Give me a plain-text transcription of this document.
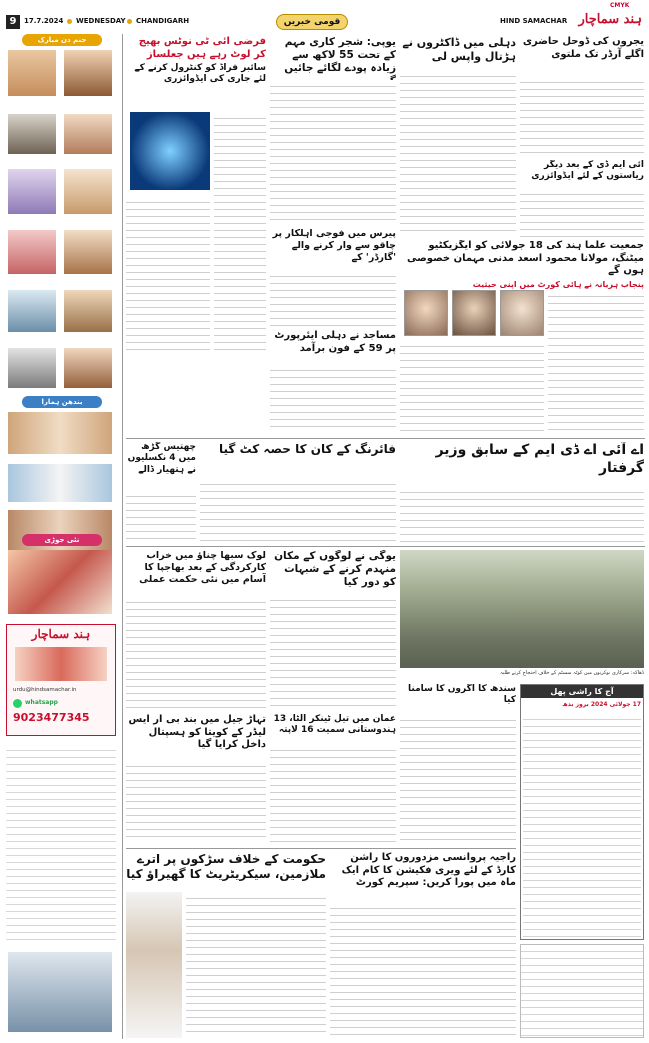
CMYK
9	17.7.2024 WEDNESDAY CHANDIGARH	قومی خبریں	HIND SAMACHAR ہند سماچار
جنم دن مبارک
بندھن ہمارا
نئی جوڑی
ہند سماچار
urdu@hindsamachar.in
whatsapp
9023477345
یجروں کی ڈوحل حاضری اگلے آرڈر تک ملتوی
دہلی میں ڈاکٹروں نے ہڑتال واپس لی
یوپی: شجر کاری مہم کے تحت 55 لاکھ سے زیادہ پودے لگائے جائیں
فرضی آئی ٹی نوٹس بھیج کر لوٹ رہے ہیں جعلساز
سائبر فراڈ کو کنٹرول کرنے کے لئے جاری کی ایڈوائزری
آئی ایم ڈی کے بعد دیگر ریاستوں کے لئے ایڈوائزری
جمعیت علما ہند کی 18 جولائی کو ایگزیکٹیو میٹنگ، مولانا محمود اسعد مدنی مہمان خصوصی ہوں گے
پنجاب ہریانہ نے ہائی کورٹ میں اپنی حیثیت
پیرس میں فوجی اہلکار پر چاقو سے وار کرنے والے 'گارڈر' کے
مساجد نے دہلی ایئرپورٹ پر 59 کے فون برآمد
اے آئی اے ڈی ایم کے سابق وزیر گرفتار
فائرنگ کے کان کا حصہ کٹ گیا
چھتیس گڑھ میں 4 نکسلیوں نے ہتھیار ڈالے
ڈھاکہ: سرکاری نوکریوں میں کوٹہ سسٹم کے خلاف احتجاج کرتے طلبہ
یوگی نے لوگوں کے مکان منہدم کرنے کے شبہات کو دور کیا
لوک سبھا چناؤ میں خراب کارکردگی کے بعد بھاجپا کا آسام میں نئی حکمت عملی
آج کا راشی پھل
17 جولائی 2024 بروز بدھ
سندھ کا آگروں کا سامنا کیا
عمان میں تیل ٹینکر الٹا، 13 ہندوستانی سمیت 16 لاپتہ
تہاڑ جیل میں بند بی آر ایس لیڈر کے کویتا کو ہسپتال داخل کرایا گیا
راجیہ پروانسی مزدوروں کا راشن کارڈ کے لئے ویری فکیشن کا کام ایک ماہ میں پورا کریں: سپریم کورٹ
حکومت کے خلاف سڑکوں پر اترے ملازمین، سیکریٹریٹ کا گھیراؤ کیا
